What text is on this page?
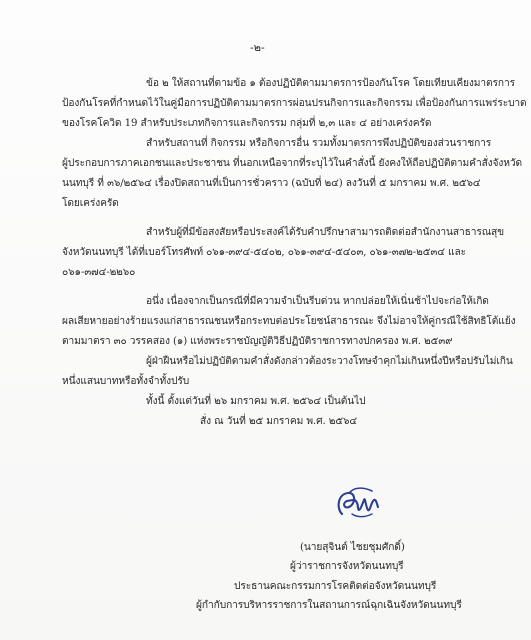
-๒-
ข้อ ๒ ให้สถานที่ตามข้อ ๑ ต้องปฏิบัติตามมาตรการป้องกันโรค โดยเทียบเคียงมาตรการ
ป้องกันโรคที่กำหนดไว้ในคู่มือการปฏิบัติตามมาตรการผ่อนปรนกิจการและกิจกรรม เพื่อป้องกันการแพร่ระบาด
ของโรคโควิด 19 สำหรับประเภทกิจการและกิจกรรม กลุ่มที่ ๒,๓ และ ๔ อย่างเคร่งครัด
สำหรับสถานที่ กิจกรรม หรือกิจการอื่น รวมทั้งมาตรการพึงปฏิบัติของส่วนราชการ
ผู้ประกอบการภาคเอกชนและประชาชน ที่นอกเหนือจากที่ระบุไว้ในคำสั่งนี้ ยังคงให้ถือปฏิบัติตามคำสั่งจังหวัด
นนทบุรี ที่ ๓๖/๒๕๖๔ เรื่องปิดสถานที่เป็นการชั่วคราว (ฉบับที่ ๒๔) ลงวันที่ ๕ มกราคม พ.ศ. ๒๕๖๔
โดยเคร่งครัด
สำหรับผู้ที่มีข้อสงสัยหรือประสงค์ได้รับคำปรึกษาสามารถติดต่อสำนักงานสาธารณสุข
จังหวัดนนทบุรี ได้ที่เบอร์โทรศัพท์ ๐๖๑-๓๙๔-๕๔๐๒, ๐๖๑-๓๙๔-๕๔๐๓, ๐๖๑-๓๗๒-๒๕๓๔ และ
๐๖๑-๓๗๔-๒๒๖๐
อนึ่ง เนื่องจากเป็นกรณีที่มีความจำเป็นรีบด่วน หากปล่อยให้เนิ่นช้าไปจะก่อให้เกิด
ผลเสียหายอย่างร้ายแรงแก่สาธารณชนหรือกระทบต่อประโยชน์สาธารณะ จึงไม่อาจให้คู่กรณีใช้สิทธิโต้แย้ง
ตามมาตรา ๓๐ วรรคสอง (๑) แห่งพระราชบัญญัติวิธีปฏิบัติราชการทางปกครอง พ.ศ. ๒๕๓๙
ผู้ฝ่าฝืนหรือไม่ปฏิบัติตามคำสั่งดังกล่าวต้องระวางโทษจำคุกไม่เกินหนึ่งปีหรือปรับไม่เกิน
หนึ่งแสนบาทหรือทั้งจำทั้งปรับ
ทั้งนี้ ตั้งแต่วันที่ ๒๖ มกราคม พ.ศ. ๒๕๖๔ เป็นต้นไป
สั่ง ณ วันที่ ๒๕ มกราคม พ.ศ. ๒๕๖๔
(นายสุจินต์ ไชยชุมศักดิ์)
ผู้ว่าราชการจังหวัดนนทบุรี
ประธานคณะกรรมการโรคติดต่อจังหวัดนนทบุรี
ผู้กำกับการบริหารราชการในสถานการณ์ฉุกเฉินจังหวัดนนทบุรี
